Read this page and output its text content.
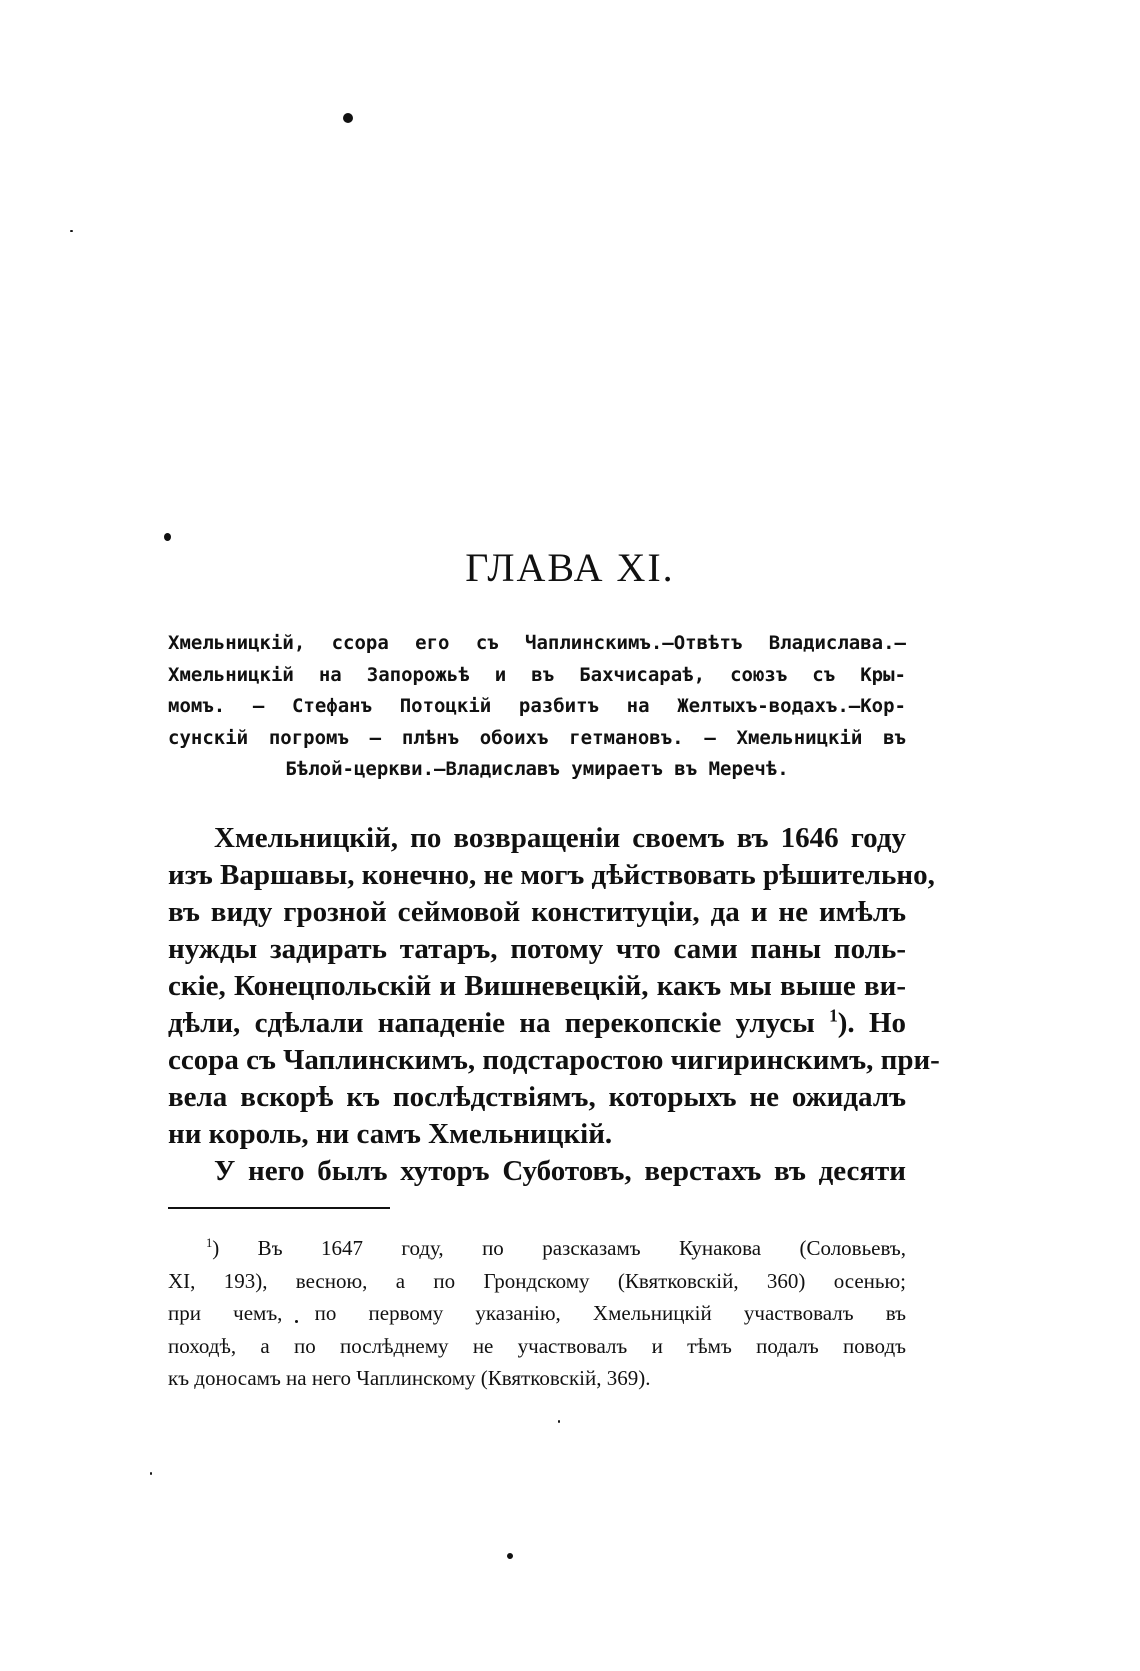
ГЛАВА XI.
Хмельницкій, ссора его съ Чаплинскимъ.—Отвѣтъ Владислава.—
Хмельницкій на Запорожьѣ и въ Бахчисараѣ, союзъ съ Кры-
момъ. — Стефанъ Потоцкій разбитъ на Желтыхъ-водахъ.—Кор-
сунскій погромъ — плѣнъ обоихъ гетмановъ. — Хмельницкій въ
Бѣлой-церкви.—Владиславъ умираетъ въ Меречѣ.
Хмельницкій, по возвращеніи своемъ въ 1646 году
изъ Варшавы, конечно, не могъ дѣйствовать рѣшительно,
въ виду грозной сеймовой конституціи, да и не имѣлъ
нужды задирать татаръ, потому что сами паны поль-
скіе, Конецпольскій и Вишневецкій, какъ мы выше ви-
дѣли, сдѣлали нападеніе на перекопскіе улусы $^1$). Но
ссора съ Чаплинскимъ, подстаростою чигиринскимъ, при-
вела вскорѣ къ послѣдствіямъ, которыхъ не ожидалъ
ни король, ни самъ Хмельницкій.
У него былъ хуторъ Суботовъ, верстахъ въ десяти
$^1$) Въ 1647 году, по разсказамъ Кунакова (Соловьевъ,
XI, 193), весною, а по Грондскому (Квятковскій, 360) осенью;
при чемъ, по первому указанію, Хмельницкій участвовалъ въ
походѣ, а по послѣднему не участвовалъ и тѣмъ подалъ поводъ
къ доносамъ на него Чаплинскому (Квятковскій, 369).
